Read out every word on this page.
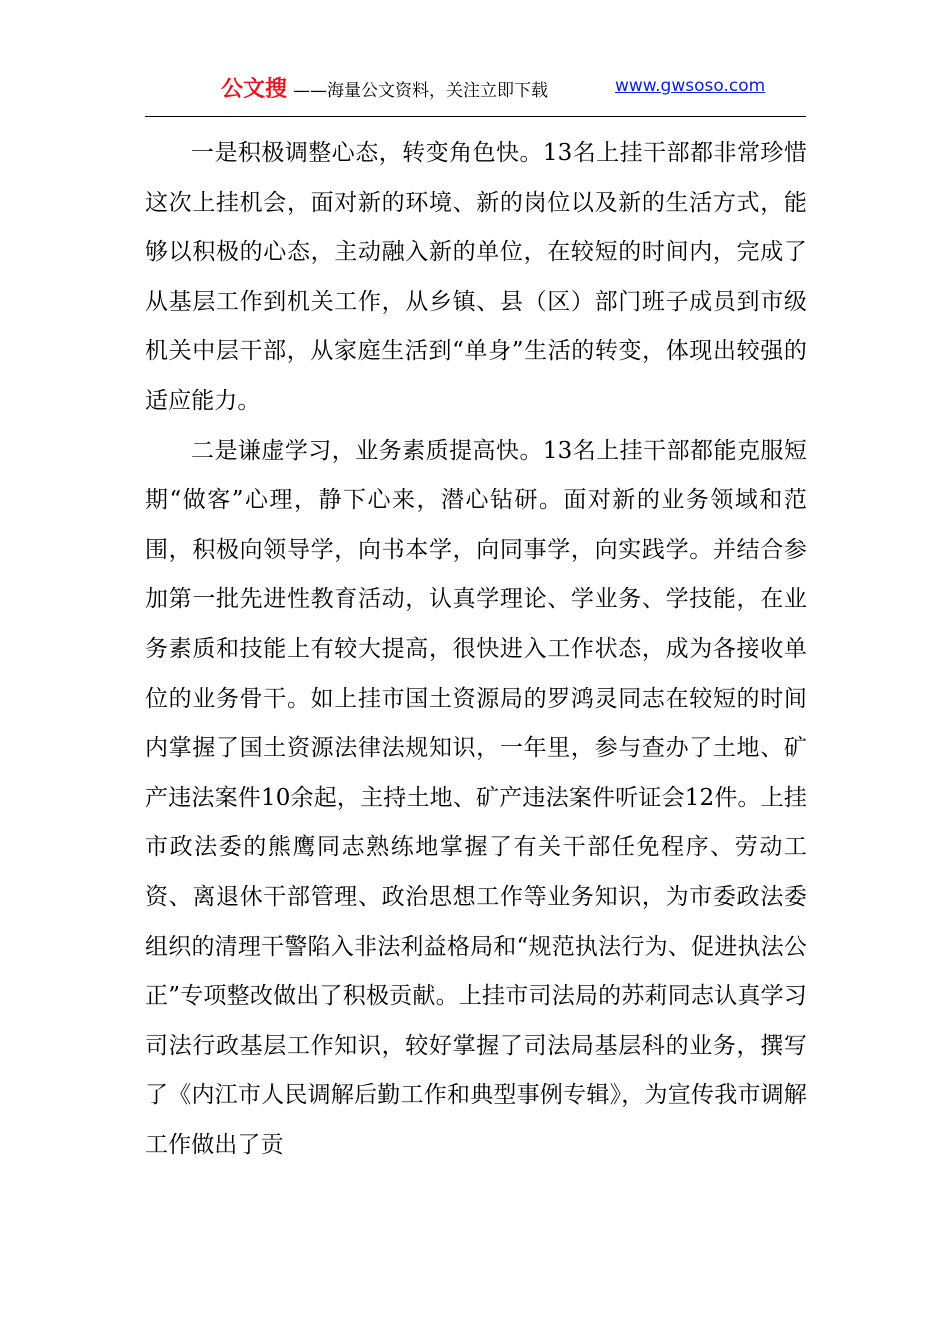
公文搜 ——海量公文资料，关注立即下载	www.gwsoso.com

一是积极调整心态，转变角色快。13名上挂干部都非常珍惜这次上挂机会，面对新的环境、新的岗位以及新的生活方式，能够以积极的心态，主动融入新的单位，在较短的时间内，完成了从基层工作到机关工作，从乡镇、县（区）部门班子成员到市级机关中层干部，从家庭生活到“单身”生活的转变，体现出较强的适应能力。

二是谦虚学习，业务素质提高快。13名上挂干部都能克服短期“做客”心理，静下心来，潜心钻研。面对新的业务领域和范围，积极向领导学，向书本学，向同事学，向实践学。并结合参加第一批先进性教育活动，认真学理论、学业务、学技能，在业务素质和技能上有较大提高，很快进入工作状态，成为各接收单位的业务骨干。如上挂市国土资源局的罗鸿灵同志在较短的时间内掌握了国土资源法律法规知识，一年里，参与查办了土地、矿产违法案件10余起，主持土地、矿产违法案件听证会12件。上挂市政法委的熊鹰同志熟练地掌握了有关干部任免程序、劳动工资、离退休干部管理、政治思想工作等业务知识，为市委政法委组织的清理干警陷入非法利益格局和“规范执法行为、促进执法公正”专项整改做出了积极贡献。上挂市司法局的苏莉同志认真学习司法行政基层工作知识，较好掌握了司法局基层科的业务，撰写了《内江市人民调解后勤工作和典型事例专辑》，为宣传我市调解工作做出了贡
